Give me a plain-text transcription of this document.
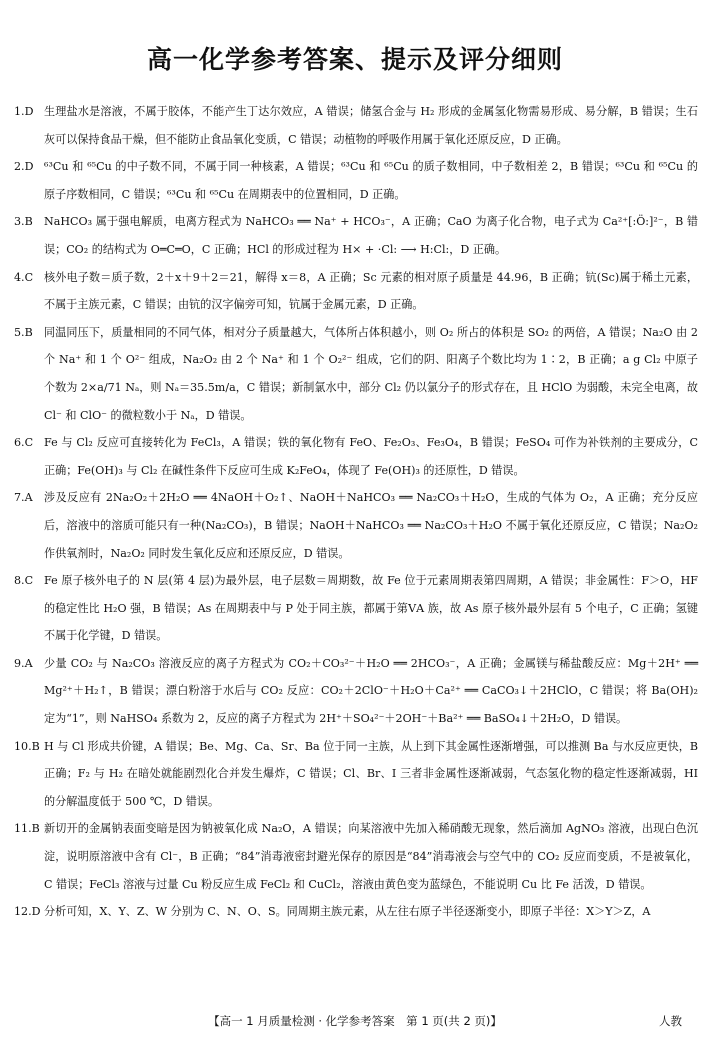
高一化学参考答案、提示及评分细则

1.D 生理盐水是溶液，不属于胶体，不能产生丁达尔效应，A 错误；储氢合金与 H₂ 形成的金属氢化物需易形成、易分解，B 错误；生石灰可以保持食品干燥，但不能防止食品氧化变质，C 错误；动植物的呼吸作用属于氧化还原反应，D 正确。

2.D ⁶³Cu 和 ⁶⁵Cu 的中子数不同，不属于同一种核素，A 错误；⁶³Cu 和 ⁶⁵Cu 的质子数相同，中子数相差 2，B 错误；⁶³Cu 和 ⁶⁵Cu 的原子序数相同，C 错误；⁶³Cu 和 ⁶⁵Cu 在周期表中的位置相同，D 正确。

3.B	NaHCO₃ 属于强电解质，电离方程式为 NaHCO₃ ══ Na⁺ + HCO₃⁻，A 正确；CaO 为离子化合物，电子式为 Ca²⁺[:Ö:]²⁻，B 错误；CO₂ 的结构式为 O═C═O，C 正确；HCl 的形成过程为 H× + ·Cl: ⟶ H:Cl:，D 正确。

4.C 核外电子数＝质子数，2＋x＋9＋2＝21，解得 x＝8，A 正确；Sc 元素的相对原子质量是 44.96，B 正确；钪(Sc)属于稀土元素，不属于主族元素，C 错误；由钪的汉字偏旁可知，钪属于金属元素，D 正确。

5.B	同温同压下，质量相同的不同气体，相对分子质量越大，气体所占体积越小，则 O₂ 所占的体积是 SO₂ 的两倍，A 错误；Na₂O 由 2 个 Na⁺ 和 1 个 O²⁻ 组成，Na₂O₂ 由 2 个 Na⁺ 和 1 个 O₂²⁻ 组成，它们的阴、阳离子个数比均为 1∶2，B 正确；a g Cl₂ 中原子个数为 2×a/71 Nₐ，则 Nₐ＝35.5m/a，C 错误；新制氯水中，部分 Cl₂ 仍以氯分子的形式存在，且 HClO 为弱酸，未完全电离，故 Cl⁻ 和 ClO⁻ 的微粒数小于 Nₐ，D 错误。

6.C Fe 与 Cl₂ 反应可直接转化为 FeCl₃，A 错误；铁的氧化物有 FeO、Fe₂O₃、Fe₃O₄，B 错误；FeSO₄ 可作为补铁剂的主要成分，C 正确；Fe(OH)₃ 与 Cl₂ 在碱性条件下反应可生成 K₂FeO₄，体现了 Fe(OH)₃ 的还原性，D 错误。

7.A	涉及反应有 2Na₂O₂＋2H₂O ══ 4NaOH＋O₂↑、NaOH＋NaHCO₃ ══ Na₂CO₃＋H₂O，生成的气体为 O₂，A 正确；充分反应后，溶液中的溶质可能只有一种(Na₂CO₃)，B 错误；NaOH＋NaHCO₃ ══ Na₂CO₃＋H₂O 不属于氧化还原反应，C 错误；Na₂O₂ 作供氧剂时，Na₂O₂ 同时发生氧化反应和还原反应，D 错误。

8.C Fe 原子核外电子的 N 层(第 4 层)为最外层，电子层数＝周期数，故 Fe 位于元素周期表第四周期，A 错误；非金属性：F＞O，HF 的稳定性比 H₂O 强，B 错误；As 在周期表中与 P 处于同主族，都属于第ⅤA 族，故 As 原子核外最外层有 5 个电子，C 正确；氢键不属于化学键，D 错误。

9.A	少量 CO₂ 与 Na₂CO₃ 溶液反应的离子方程式为 CO₂＋CO₃²⁻＋H₂O ══ 2HCO₃⁻，A 正确；金属镁与稀盐酸反应：Mg＋2H⁺ ══ Mg²⁺＋H₂↑，B 错误；漂白粉溶于水后与 CO₂ 反应：CO₂＋2ClO⁻＋H₂O＋Ca²⁺ ══ CaCO₃↓＋2HClO，C 错误；将 Ba(OH)₂ 定为“1”，则 NaHSO₄ 系数为 2，反应的离子方程式为 2H⁺＋SO₄²⁻＋2OH⁻＋Ba²⁺ ══ BaSO₄↓＋2H₂O，D 错误。

10.B H 与 Cl 形成共价键，A 错误；Be、Mg、Ca、Sr、Ba 位于同一主族，从上到下其金属性逐渐增强，可以推测 Ba 与水反应更快，B 正确；F₂ 与 H₂ 在暗处就能剧烈化合并发生爆炸，C 错误；Cl、Br、I 三者非金属性逐渐减弱，气态氢化物的稳定性逐渐减弱，HI 的分解温度低于 500 ℃，D 错误。

11.B 新切开的金属钠表面变暗是因为钠被氧化成 Na₂O，A 错误；向某溶液中先加入稀硝酸无现象，然后滴加 AgNO₃ 溶液，出现白色沉淀，说明原溶液中含有 Cl⁻，B 正确；“84”消毒液密封避光保存的原因是“84”消毒液会与空气中的 CO₂ 反应而变质，不是被氧化，C 错误；FeCl₃ 溶液与过量 Cu 粉反应生成 FeCl₂ 和 CuCl₂，溶液由黄色变为蓝绿色，不能说明 Cu 比 Fe 活泼，D 错误。

12.D 分析可知，X、Y、Z、W 分别为 C、N、O、S。同周期主族元素，从左往右原子半径逐渐变小，即原子半径：X＞Y＞Z，A

【高一 1 月质量检测 · 化学参考答案　第 1 页(共 2 页)】	人教
